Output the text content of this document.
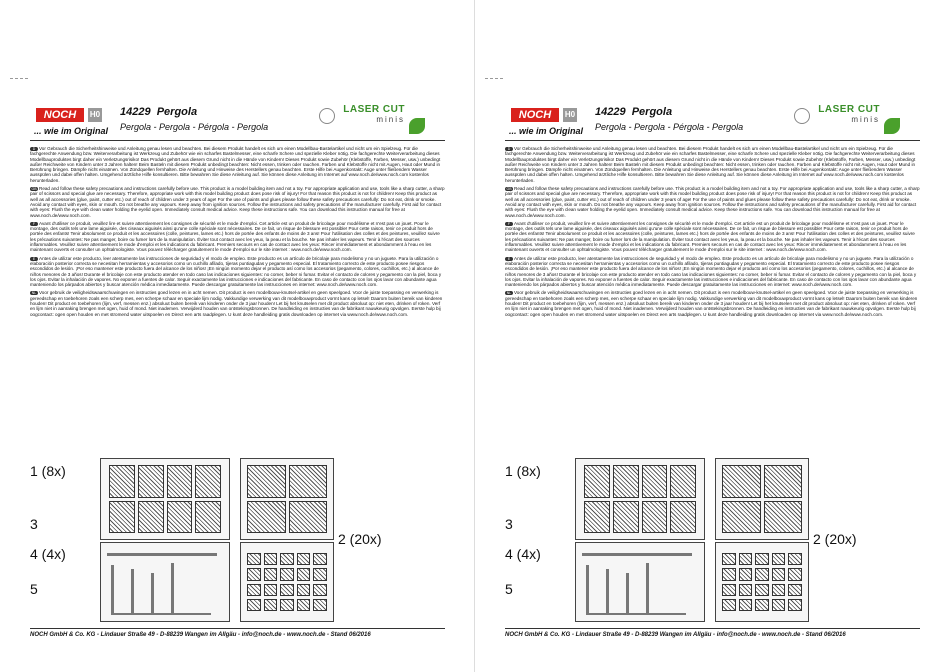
NOCH	H0
... wie im Original
14229 Pergola
Pergola - Pergola - Pérgola - Pergola
LASER CUT
minis

D Vor Gebrauch die Sicherheitshinweise und Anleitung genau lesen und beachten. Bei diesem Produkt handelt es sich um einen Modellbau-Bastelartikel und nicht um ein Spielzeug. Für die fachgerechte Anwendung bzw. Weiterverarbeitung ist Werkzeug und Zubehör wie ein scharfes Bastelmesser, eine scharfe Schere und spezielle Kleber nötig. Die fachgerechte Weiterverarbeitung dieses Modellbauproduktes birgt daher ein Verletzungsrisiko! Das Produkt gehört aus diesem Grund nicht in die Hände von Kindern! Dieses Produkt sowie Zubehör (Klebstoffe, Farben, Messer, usw.) unbedingt außer Reichweite von Kindern unter 3 Jahren halten! Beim Basteln mit diesem Produkt unbedingt beachten: Nicht essen, trinken oder rauchen. Farben und Klebstoffe nicht mit Augen, Haut oder Mund in Berührung bringen. Dämpfe nicht einatmen. Von Zündquellen fernhalten. Die Anleitung und Hinweise des Herstellers genau beachten. Erste Hilfe bei Augenkontakt: Auge unter fließendem Wasser ausspülen und dabei offen halten. Umgehend ärztliche Hilfe konsultieren. Bitte bewahren Sie diese Anleitung auf. Sie können diese Anleitung im Internet auf www.noch.de/www.noch.com kostenlos herunterladen.

GB Read and follow these safety precautions and instructions carefully before use. This product is a model building item and not a toy. For appropriate application and use, tools like a sharp cutter, a sharp pair of scissors and special glue are necessary. Therefore, appropriate work with this model building product does pose risk of injury! For that reason this product is not for children! Keep this product as well as all accessories (glue, paint, cutter etc.) out of reach of children under 3 years of age! For the use of paints and glues please follow these safety precautions carefully: Do not eat, drink or smoke. Avoid any contact with eyes, skin or mouth. Do not breathe any vapours. Keep away from ignition sources. Follow the instructions and safety precautions of the manufacturer carefully. First aid for contact with eyes: Flush the eye with clean water holding the eyelid open. Immediately consult medical advice. Keep these instructions safe. You can download this instruction manual for free at www.noch.de/www.noch.com.

F Avant d'utiliser ce produit, veuillez lire et suivre attentivement les consignes de sécurité et le mode d'emploi. Cet article est un produit de bricolage pour modélisme et n'est pas un jouet. Pour le montage, des outils tels une lame aiguisée, des ciseaux aiguisés ainsi qu'une colle spéciale sont nécessaires. De ce fait, un risque de blessure est possible! Pour cette raison, tenir ce produit hors de portée des enfants! Tenir absolument ce produit et les accessoires (colle, peintures, lames etc.) hors de portée des enfants de moins de 3 ans! Pour l'utilisation des colles et des peintures, veuillez suivre les précautions suivantes: Ne pas manger, boire ou fumer lors de la manipulation. Éviter tout contact avec les yeux, la peau et la bouche. Ne pas inhaler les vapeurs. Tenir à l'écart des sources inflammables. Veuillez suivre attentivement le mode d'emploi et les indications du fabricant. Premiers secours en cas de contact avec les yeux: Rincer immédiatement et abondamment à l'eau en les maintenant ouverts et consulter un ophtalmologiste. Vous pouvez télécharger gratuitement le mode d'emploi sur le site internet : www.noch.de/www.noch.com.

E Antes de utilizar este producto, leer atentamente las instrucciones de seguridad y el modo de empleo. Este producto es un artículo de bricolaje para modelismo y no un juguete. Para la utilización o elaboración posterior correcta se necesitan herramientas y accesorios como un cuchillo afilado, tijeras puntiagudas y pegamento especial. El tratamiento correcto de este producto posee riesgos escondidos de lesión. ¡Por eso mantener este producto fuera del alcance de los niños! ¡En ningún momento dejar el producto así como los accesorios (pegamento, colores, cuchillos, etc.) al alcance de niños menores de 3 años! Durante el bricolaje con este producto atender en todo caso las indicaciones siguientes: no comer, beber ni fumar. Evitar el contacto de colores y pegamento con la piel, boca y los ojos. Evitar la inhalación de vapores. No exponer a fuentes de calor. Seguir exactamente las instrucciones e indicaciones del fabricante. En caso de contacto con los ojos lavar con abundante agua manteniendo los párpados abiertos y buscar atención médica inmediatamente. Puede descargar gratuitamente las instrucciones en internet: www.noch.de/www.noch.com.

NL Voor gebruik de veiligheidswaarschuwingen en instructies goed lezen en in acht nemen. Dit product is een modelbouw-knutsel-artikel en geen speelgoed. Voor de juiste toepassing en verwerking is gereedschap en toebehoren zoals een scherp mes, een scherpe schaar en speciale lijm nodig. Vakkundige verwerking van dit modelbouwproduct vormt kans op letsel! Daarom buiten bereik van kinderen houden! Dit product en toebehoren (lijm, verf, messen enz.) absoluut buiten bereik van kinderen onder de 3 jaar houden! Let bij het knutselen met dit product absoluut op: niet eten, drinken of roken. Verf en lijm niet in aanraking brengen met ogen, huid of mond. Niet inademen. Verwijderd houden van ontstekingsbronnen. De handleiding en instructies van de fabrikant nauwkeurig opvolgen. Eerste hulp bij oogcontact: ogen open houden en met stromend water uitspoelen en Direct een arts raadplegen. U kunt deze handleiding gratis downloaden op internet via www.noch.de/www.noch.com.

1 (8x)
3
4 (4x)
5
2 (20x)
NOCH GmbH & Co. KG - Lindauer Straße 49 - D-88239 Wangen im Allgäu - info@noch.de - www.noch.de - Stand 06/2016
NOCH	H0
... wie im Original
14229 Pergola
Pergola - Pergola - Pérgola - Pergola
LASER CUT
minis

D Vor Gebrauch die Sicherheitshinweise und Anleitung genau lesen und beachten. Bei diesem Produkt handelt es sich um einen Modellbau-Bastelartikel und nicht um ein Spielzeug. Für die fachgerechte Anwendung bzw. Weiterverarbeitung ist Werkzeug und Zubehör wie ein scharfes Bastelmesser, eine scharfe Schere und spezielle Kleber nötig. Die fachgerechte Weiterverarbeitung dieses Modellbauproduktes birgt daher ein Verletzungsrisiko! Das Produkt gehört aus diesem Grund nicht in die Hände von Kindern! Dieses Produkt sowie Zubehör (Klebstoffe, Farben, Messer, usw.) unbedingt außer Reichweite von Kindern unter 3 Jahren halten! Beim Basteln mit diesem Produkt unbedingt beachten: Nicht essen, trinken oder rauchen. Farben und Klebstoffe nicht mit Augen, Haut oder Mund in Berührung bringen. Dämpfe nicht einatmen. Von Zündquellen fernhalten. Die Anleitung und Hinweise des Herstellers genau beachten. Erste Hilfe bei Augenkontakt: Auge unter fließendem Wasser ausspülen und dabei offen halten. Umgehend ärztliche Hilfe konsultieren. Bitte bewahren Sie diese Anleitung auf. Sie können diese Anleitung im Internet auf www.noch.de/www.noch.com kostenlos herunterladen.

GB Read and follow these safety precautions and instructions carefully before use. This product is a model building item and not a toy. For appropriate application and use, tools like a sharp cutter, a sharp pair of scissors and special glue are necessary. Therefore, appropriate work with this model building product does pose risk of injury! For that reason this product is not for children! Keep this product as well as all accessories (glue, paint, cutter etc.) out of reach of children under 3 years of age! For the use of paints and glues please follow these safety precautions carefully: Do not eat, drink or smoke. Avoid any contact with eyes, skin or mouth. Do not breathe any vapours. Keep away from ignition sources. Follow the instructions and safety precautions of the manufacturer carefully. First aid for contact with eyes: Flush the eye with clean water holding the eyelid open. Immediately consult medical advice. Keep these instructions safe. You can download this instruction manual for free at www.noch.de/www.noch.com.

F Avant d'utiliser ce produit, veuillez lire et suivre attentivement les consignes de sécurité et le mode d'emploi. Cet article est un produit de bricolage pour modélisme et n'est pas un jouet. Pour le montage, des outils tels une lame aiguisée, des ciseaux aiguisés ainsi qu'une colle spéciale sont nécessaires. De ce fait, un risque de blessure est possible! Pour cette raison, tenir ce produit hors de portée des enfants! Tenir absolument ce produit et les accessoires (colle, peintures, lames etc.) hors de portée des enfants de moins de 3 ans! Pour l'utilisation des colles et des peintures, veuillez suivre les précautions suivantes: Ne pas manger, boire ou fumer lors de la manipulation. Éviter tout contact avec les yeux, la peau et la bouche. Ne pas inhaler les vapeurs. Tenir à l'écart des sources inflammables. Veuillez suivre attentivement le mode d'emploi et les indications du fabricant. Premiers secours en cas de contact avec les yeux: Rincer immédiatement et abondamment à l'eau en les maintenant ouverts et consulter un ophtalmologiste. Vous pouvez télécharger gratuitement le mode d'emploi sur le site internet : www.noch.de/www.noch.com.

E Antes de utilizar este producto, leer atentamente las instrucciones de seguridad y el modo de empleo. Este producto es un artículo de bricolaje para modelismo y no un juguete. Para la utilización o elaboración posterior correcta se necesitan herramientas y accesorios como un cuchillo afilado, tijeras puntiagudas y pegamento especial. El tratamiento correcto de este producto posee riesgos escondidos de lesión. ¡Por eso mantener este producto fuera del alcance de los niños! ¡En ningún momento dejar el producto así como los accesorios (pegamento, colores, cuchillos, etc.) al alcance de niños menores de 3 años! Durante el bricolaje con este producto atender en todo caso las indicaciones siguientes: no comer, beber ni fumar. Evitar el contacto de colores y pegamento con la piel, boca y los ojos. Evitar la inhalación de vapores. No exponer a fuentes de calor. Seguir exactamente las instrucciones e indicaciones del fabricante. En caso de contacto con los ojos lavar con abundante agua manteniendo los párpados abiertos y buscar atención médica inmediatamente. Puede descargar gratuitamente las instrucciones en internet: www.noch.de/www.noch.com.

NL Voor gebruik de veiligheidswaarschuwingen en instructies goed lezen en in acht nemen. Dit product is een modelbouw-knutsel-artikel en geen speelgoed. Voor de juiste toepassing en verwerking is gereedschap en toebehoren zoals een scherp mes, een scherpe schaar en speciale lijm nodig. Vakkundige verwerking van dit modelbouwproduct vormt kans op letsel! Daarom buiten bereik van kinderen houden! Dit product en toebehoren (lijm, verf, messen enz.) absoluut buiten bereik van kinderen onder de 3 jaar houden! Let bij het knutselen met dit product absoluut op: niet eten, drinken of roken. Verf en lijm niet in aanraking brengen met ogen, huid of mond. Niet inademen. Verwijderd houden van ontstekingsbronnen. De handleiding en instructies van de fabrikant nauwkeurig opvolgen. Eerste hulp bij oogcontact: ogen open houden en met stromend water uitspoelen en Direct een arts raadplegen. U kunt deze handleiding gratis downloaden op internet via www.noch.de/www.noch.com.

1 (8x)
3
4 (4x)
5
2 (20x)
NOCH GmbH & Co. KG - Lindauer Straße 49 - D-88239 Wangen im Allgäu - info@noch.de - www.noch.de - Stand 06/2016
